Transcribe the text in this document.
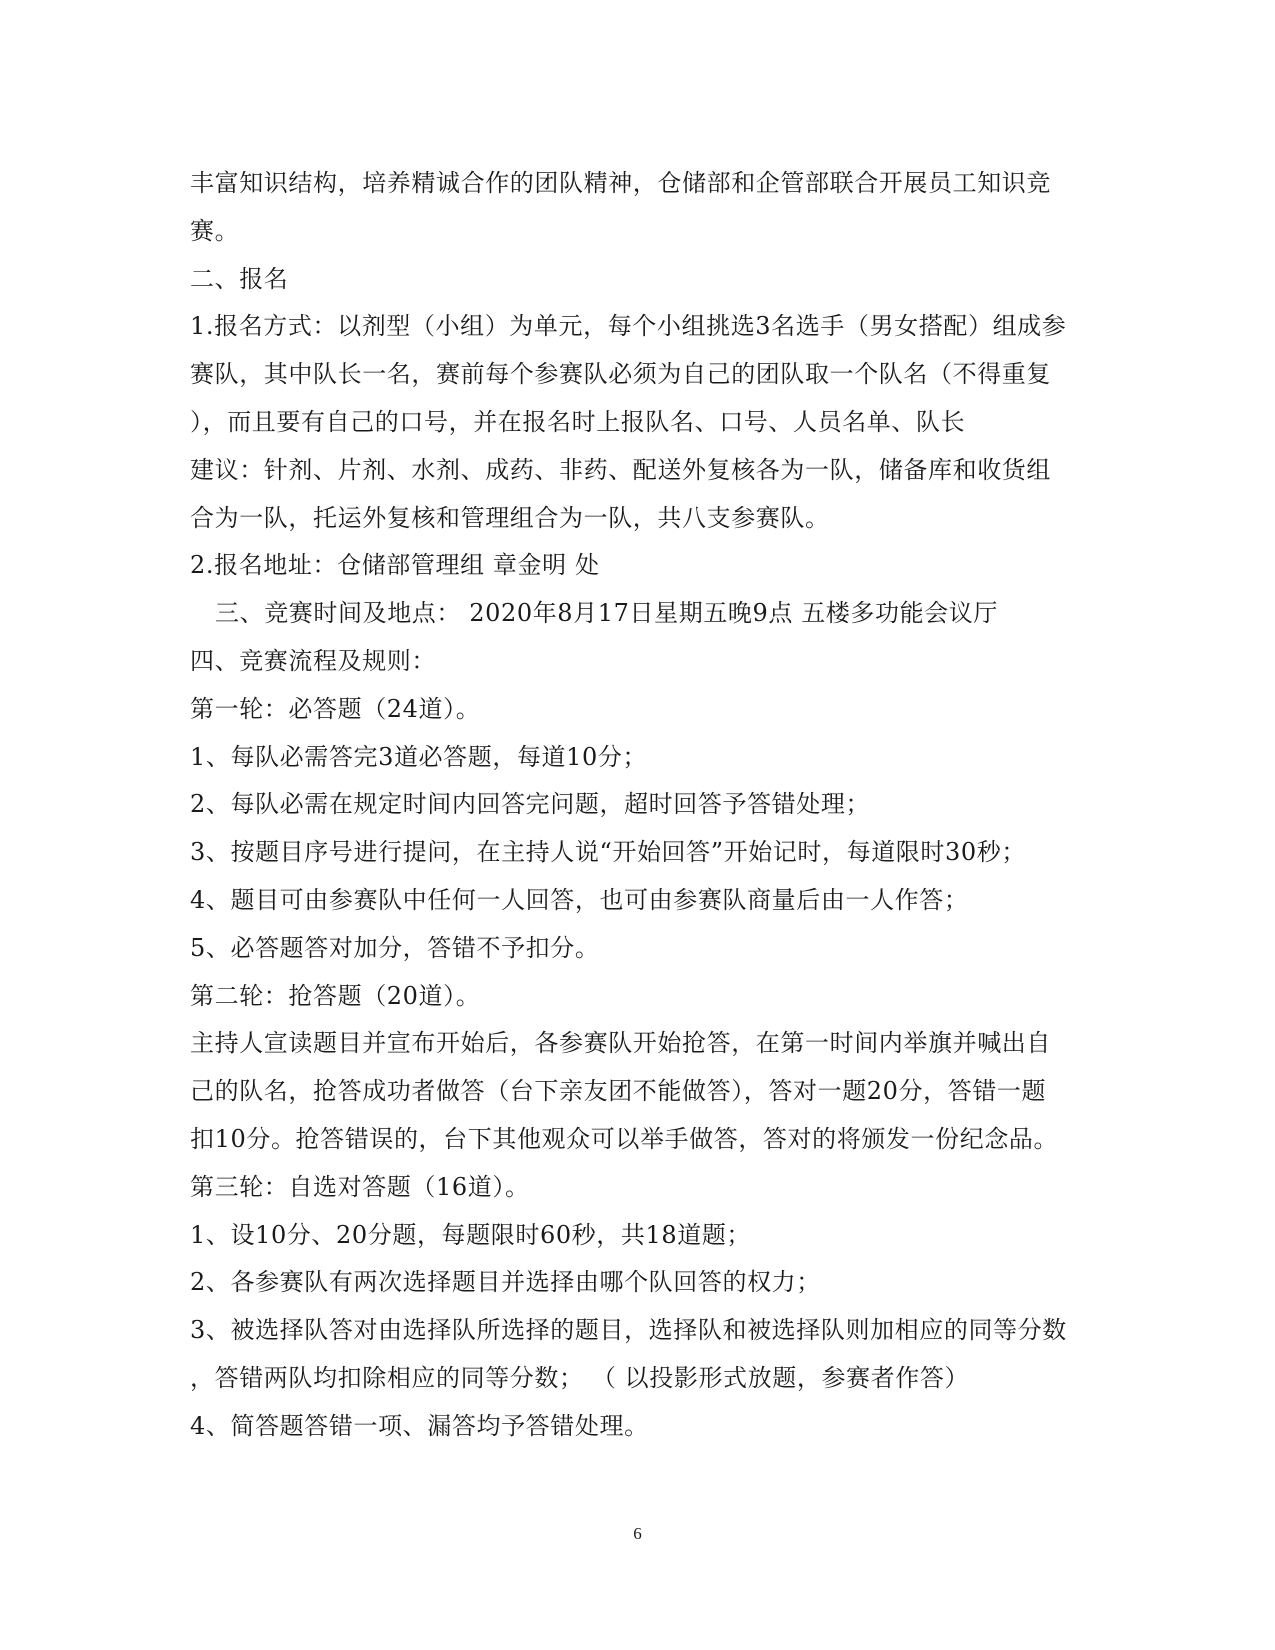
丰富知识结构，培养精诚合作的团队精神，仓储部和企管部联合开展员工知识竞
赛。
二、报名
1.报名方式：以剂型（小组）为单元，每个小组挑选3名选手（男女搭配）组成参
赛队，其中队长一名，赛前每个参赛队必须为自己的团队取一个队名（不得重复
），而且要有自己的口号，并在报名时上报队名、口号、人员名单、队长
建议：针剂、片剂、水剂、成药、非药、配送外复核各为一队，储备库和收货组
合为一队，托运外复核和管理组合为一队，共八支参赛队。
2.报名地址：仓储部管理组 章金明 处
三、竞赛时间及地点： 2020年8月17日星期五晚9点 五楼多功能会议厅
四、竞赛流程及规则：
第一轮：必答题（24道）。
1、每队必需答完3道必答题，每道10分；
2、每队必需在规定时间内回答完问题，超时回答予答错处理；
3、按题目序号进行提问，在主持人说“开始回答”开始记时，每道限时30秒；
4、题目可由参赛队中任何一人回答，也可由参赛队商量后由一人作答；
5、必答题答对加分，答错不予扣分。
第二轮：抢答题（20道）。
主持人宣读题目并宣布开始后，各参赛队开始抢答，在第一时间内举旗并喊出自
己的队名，抢答成功者做答（台下亲友团不能做答），答对一题20分，答错一题
扣10分。抢答错误的，台下其他观众可以举手做答，答对的将颁发一份纪念品。
第三轮：自选对答题（16道）。
1、设10分、20分题，每题限时60秒，共18道题；
2、各参赛队有两次选择题目并选择由哪个队回答的权力；
3、被选择队答对由选择队所选择的题目，选择队和被选择队则加相应的同等分数
，答错两队均扣除相应的同等分数； （ 以投影形式放题，参赛者作答）
4、简答题答错一项、漏答均予答错处理。
6
